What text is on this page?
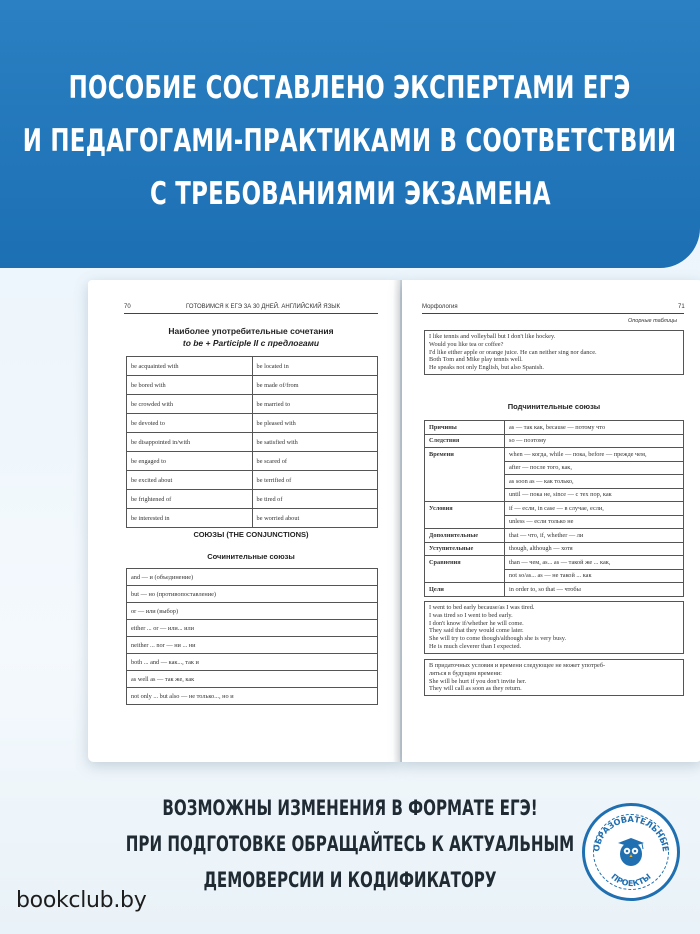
ПОСОБИЕ СОСТАВЛЕНО ЭКСПЕРТАМИ ЕГЭ
И ПЕДАГОГАМИ-ПРАКТИКАМИ В СООТВЕТСТВИИ
С ТРЕБОВАНИЯМИ ЭКЗАМЕНА
70	ГОТОВИМСЯ К ЕГЭ ЗА 30 ДНЕЙ. АНГЛИЙСКИЙ ЯЗЫК
Наиболее употребительные сочетания
to be + Participle II с предлогами
be acquainted with	be located in
be bored with	be made of/from
be crowded with	be married to
be devoted to	be pleased with
be disappointed in/with	be satisfied with
be engaged to	be scared of
be excited about	be terrified of
be frightened of	be tired of
be interested in	be worried about
СОЮЗЫ (THE CONJUNCTIONS)
Сочинительные союзы
and — и (объединение)
but — но (противопоставление)
or — или (выбор)
either ... or — или... или
neither ... nor — ни ... ни
both ... and — как..., так и
as well as — так же, как
not only ... but also — не только..., но и
Морфология	71
Опорные таблицы
I like tennis and volleyball but I don't like hockey.
Would you like tea or coffee?
I'd like either apple or orange juice. He can neither sing nor dance.
Both Tom and Mike play tennis well.
He speaks not only English, but also Spanish.
Подчинительные союзы
Причины	as — так как, because — потому что
Следствия	so — поэтому
Времени	when — когда, while — пока, before — прежде чем,
	after — после того, как,
	as soon as — как только,
	until — пока не, since — с тех пор, как
Условия	if — если, in case — в случае, если,
	unless — если только не
Дополнительные	that — что, if, whether — ли
Уступительные	though, although — хотя
Сравнения	than — чем, as... as — такой же ... как,
	not so/as... as — не такой ... как
Цели	in order to, so that — чтобы
I went to bed early because/as I was tired.
I was tired so I went to bed early.
I don't know if/whether he will come.
They said that they would come later.
She will try to come though/although she is very busy.
He is much cleverer than I expected.
В придаточных условия и времени следующее не может употреб-
ляться в будущем времени:
She will be hurt if you don't invite her.
They will call as soon as they return.
ВОЗМОЖНЫ ИЗМЕНЕНИЯ В ФОРМАТЕ ЕГЭ!
ПРИ ПОДГОТОВКЕ ОБРАЩАЙТЕСЬ К АКТУАЛЬНЫМ
ДЕМОВЕРСИИ И КОДИФИКАТОРУ
bookclub.by
ОБРАЗОВАТЕЛЬНЫЕ
ПРОЕКТЫ
